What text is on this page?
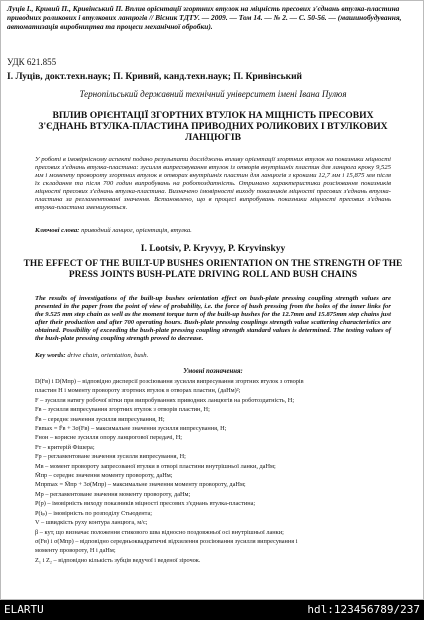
Луцiв I., Кривий П., Кривiнський П. Вплив орiєнтацiї згортних втулок на мiцнiсть пресових з'єднань втулка-пластина приводних роликових i втулкових ланцюгiв // Вiсник ТДТУ. — 2009. — Том 14. — № 2. — С. 50-56. — (машинобудування, автоматизацiя виробництва та процеси механiчної обробки).
УДК 621.855
I. Луцiв, докт.техн.наук; П. Кривий, канд.техн.наук; П. Кривiнський
Тернопiльський державний технiчний унiверситет iменi Iвана Пулюя
ВПЛИВ ОРIЄНТАЦIЇ ЗГОРТНИХ ВТУЛОК НА МIЦНIСТЬ ПРЕСОВИХ З'ЄДНАНЬ ВТУЛКА-ПЛАСТИНА ПРИВОДНИХ РОЛИКОВИХ I ВТУЛКОВИХ ЛАНЦЮГIВ
У роботi в iмовiрнiсному аспектi подано результати дослiджень впливу орiєнтацiї згортних втулок на показники мiцностi пресових з'єднань втулка-пластина: зусилля випресовування втулок iз отворiв внутрiшнiх пластин для ланцюга кроку 9,525 мм i моменту провороту згортних втулок в отворах внутрiшнiх пластин для ланцюгiв з кроками 12,7 мм i 15,875 мм пiсля їх складання та пiсля 700 годин випробувань на роботоздатнiсть. Отримано характеристики розсiювання показникiв мiцностi пресових з'єднань втулка-пластина. Визначено iмовiрностi виходу показникiв мiцностi пресових з'єднань втулка-пластина за регламентованi значення. Встановлено, що в процесi випробувань показники мiцностi пресових з'єднань втулка-пластина зменшуються.
Ключовi слова: приводний ланцюг, орiєнтацiя, втулка.
I. Lootsiv, P. Kryvyy, P. Kryvinskyy
THE EFFECT OF THE BUILT-UP BUSHES ORIENTATION ON THE STRENGTH OF THE PRESS JOINTS BUSH-PLATE DRIVING ROLL AND BUSH CHAINS
The results of investigations of the built-up bushes orientation effect on bush-plate pressing coupling strength values are presented in the paper from the point of view of probability, i.e. the force of bush pressing from the holes of the inner links for the 9.525 mm step chain as well as the moment torque turn of the built-up bushes for the 12.7mm and 15.875mm step chains just after their production and after 700 operating hours. Bush-plate pressing couplings strength value scattering characteristics are obtained. Possibility of exceeding the bush-plate pressing coupling strength standard values is determined. The testing values of the bush-plate pressing coupling strength proved to decrease.
Key words: drive chain, orientation, bush.
Умовнi позначення:
D(Fв) i D(Mпр) – вiдповiдно дисперсiї розсiювання зусилля випресування згортних втулок з отворiв
пластин Н i моменту провороту згортних втулок в отворах пластин, (даНм)²;
F – зусилля натягу робочої вiтки при випробуваннях приводних ланцюгiв на роботоздатнiсть, Н;
Fв – зусилля випресування згортних втулок з отворiв пластин, Н;
F̄в – середнє значення зусилля випресування, Н;
Fвmax = F̄в + 3σ(Fв) – максимальне значення зусилля випресування, Н;
Fнон – корисне зусилля опору ланцюгової передачi, Н;
Fт – критерiй Фiшера;
Fр – регламентоване значення зусилля випресування, Н;
Mв – момент провороту запресованої втулки в отворi пластини внутрiшньої ланки, даНм;
M̄пр – середнє значення моменту провороту, даНм;
Mпрmax = M̄пр + 3σ(Mпр) – максимальне значення моменту провороту, даНм;
Mр – регламентоване значення моменту провороту, даНм;
P(р) – iмовiрнiсть виходу показникiв мiцностi пресових з'єднань втулка-пластина;
P(tₚ) – iмовiрнiсть по розподiлу Стьюдента;
V – швидкiсть руху контура ланцюга, м/с;
β – кут, що визначає положення стикового шва вiдносно поздовжньої осi внутрiшньої ланки;
σ(Fв) i σ(Mпр) – вiдповiдно середньоквадратичнi вiдхилення розсiювання зусилля випресування i
моменту провороту, Н i даНм;
Z₁ i Z₂ – вiдповiдно кiлькiсть зубцiв ведучої i веденої зiрочок.
ELARTU	hdl:123456789/237
